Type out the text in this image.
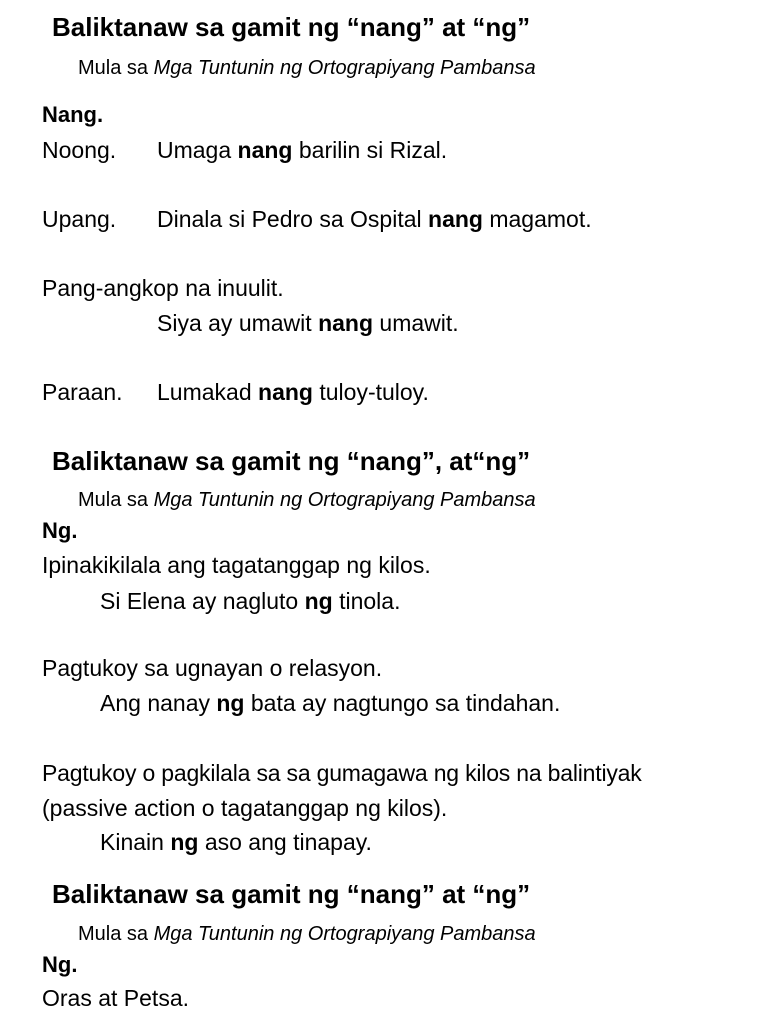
Baliktanaw sa gamit ng “nang” at “ng”
Mula sa Mga Tuntunin ng Ortograpiyang Pambansa
Nang.
Noong. Umaga nang barilin si Rizal.
Upang. Dinala si Pedro sa Ospital nang magamot.
Pang-angkop na inuulit.
Siya ay umawit nang umawit.
Paraan. Lumakad nang tuloy-tuloy.
Baliktanaw sa gamit ng “nang”, at“ng”
Mula sa Mga Tuntunin ng Ortograpiyang Pambansa
Ng.
Ipinakikilala ang tagatanggap ng kilos.
Si Elena ay nagluto ng tinola.
Pagtukoy sa ugnayan o relasyon.
Ang nanay ng bata ay nagtungo sa tindahan.
Pagtukoy o pagkilala sa sa gumagawa ng kilos na balintiyak
(passive action o tagatanggap ng kilos).
Kinain ng aso ang tinapay.
Baliktanaw sa gamit ng “nang” at “ng”
Mula sa Mga Tuntunin ng Ortograpiyang Pambansa
Ng.
Oras at Petsa.
